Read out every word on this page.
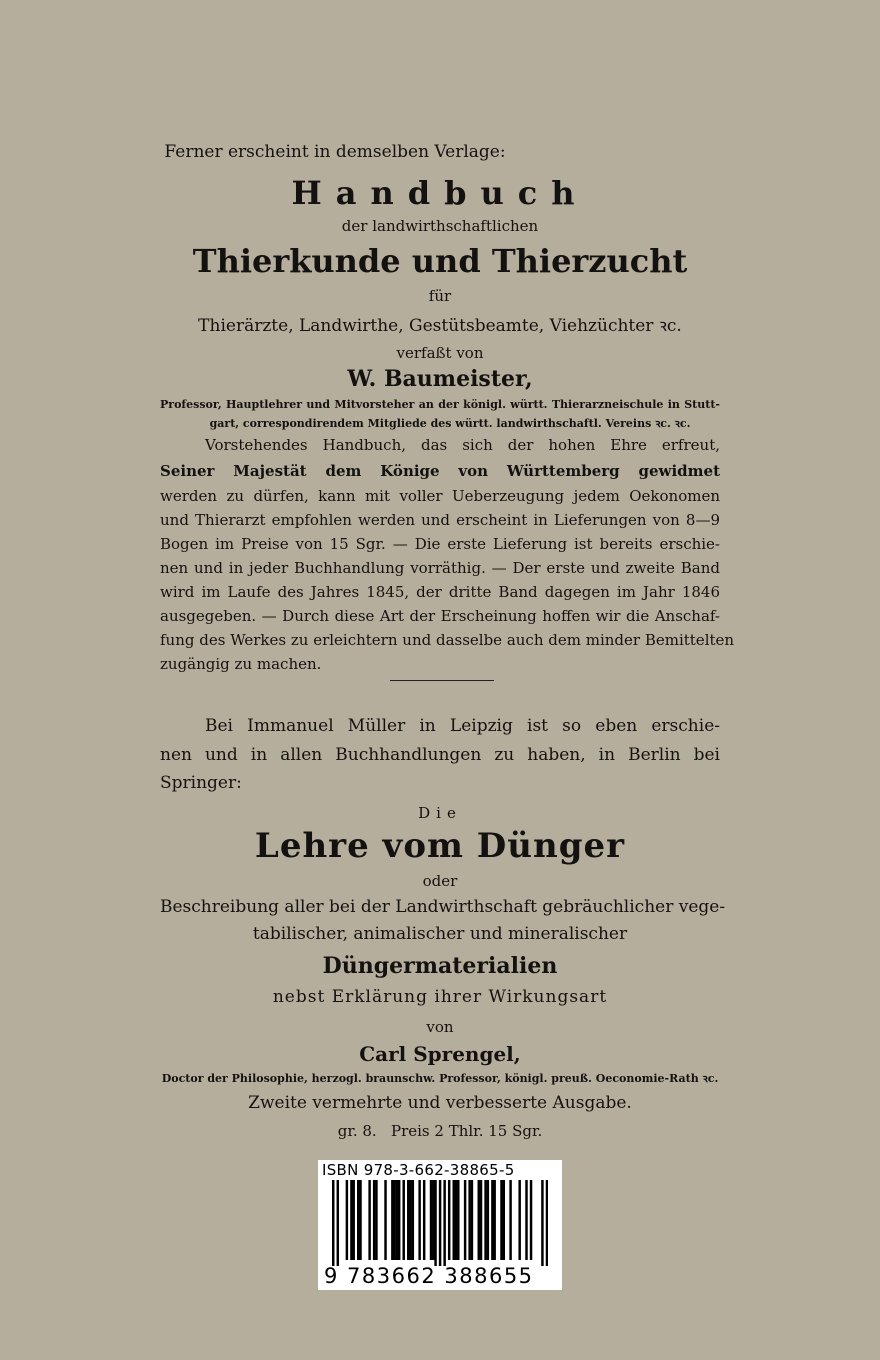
Ferner erscheint in demselben Verlage:
Handbuch
der landwirthschaftlichen
Thierkunde und Thierzucht
für
Thierärzte, Landwirthe, Gestütsbeamte, Viehzüchter ꝛc.
verfaßt von
W. Baumeister,
Professor, Hauptlehrer und Mitvorsteher an der königl. württ. Thierarzneischule in Stutt-
gart, correspondirendem Mitgliede des württ. landwirthschaftl. Vereins ꝛc. ꝛc.
Vorstehendes Handbuch, das sich der hohen Ehre erfreut,
Seiner Majestät dem Könige von Württemberg gewidmet
werden zu dürfen, kann mit voller Ueberzeugung jedem Oekonomen
und Thierarzt empfohlen werden und erscheint in Lieferungen von 8—9
Bogen im Preise von 15 Sgr. — Die erste Lieferung ist bereits erschie-
nen und in jeder Buchhandlung vorräthig. — Der erste und zweite Band
wird im Laufe des Jahres 1845, der dritte Band dagegen im Jahr 1846
ausgegeben. — Durch diese Art der Erscheinung hoffen wir die Anschaf-
fung des Werkes zu erleichtern und dasselbe auch dem minder Bemittelten
zugängig zu machen.
Bei Immanuel Müller in Leipzig ist so eben erschie-
nen und in allen Buchhandlungen zu haben, in Berlin bei
Springer:
Die
Lehre vom Dünger
oder
Beschreibung aller bei der Landwirthschaft gebräuchlicher vege-
tabilischer, animalischer und mineralischer
Düngermaterialien
nebst Erklärung ihrer Wirkungsart
von
Carl Sprengel,
Doctor der Philosophie, herzogl. braunschw. Professor, königl. preuß. Oeconomie-Rath ꝛc.
Zweite vermehrte und verbesserte Ausgabe.
gr. 8.   Preis 2 Thlr. 15 Sgr.
ISBN 978-3-662-38865-5
9 783662 388655
